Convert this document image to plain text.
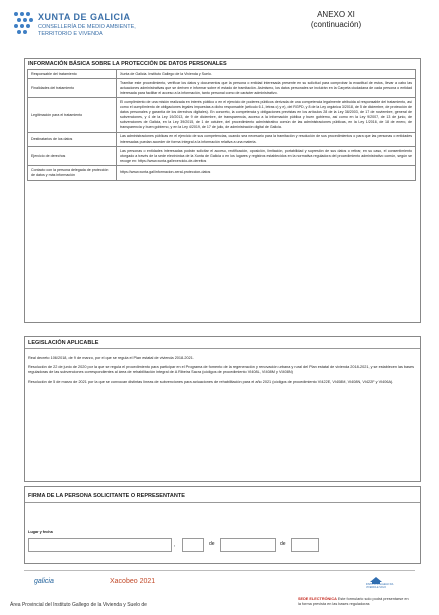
XUNTA DE GALICIA
CONSELLERÍA DE MEDIO AMBIENTE,
TERRITORIO E VIVENDA
ANEXO XI
(continuación)
INFORMACIÓN BÁSICA SOBRE LA PROTECCIÓN DE DATOS PERSONALES
Responsable del tratamiento	Xunta de Galicia. Instituto Gallego de la Vivienda y Suelo.
Finalidades del tratamiento	Tramitar este procedimiento, verificar los datos y documentos que la persona o entidad interesada presente en su solicitud para comprobar la exactitud de estos, llevar a cabo las actuaciones administrativas que se deriven e informar sobre el estado de tramitación. Asimismo, los datos personales se incluirán en la Carpeta ciudadana de cada persona o entidad interesada para facilitar el acceso a la información, tanto personal como de carácter administrativo.
Legitimación para el tratamiento	El cumplimiento de una misión realizada en interés público o en el ejercicio de poderes públicos derivada de una competencia legalmente atribuida al responsable del tratamiento, así como el cumplimiento de obligaciones legales impuestas a dicho responsable (artículo 6.1, letras c) y e), del RGPD, y 8 de la Ley orgánica 3/2018, de 5 de diciembre, de protección de datos personales y garantía de los derechos digitales). En concreto, la competencia y obligaciones previstas en los artículos 28 de la Ley 38/2003, de 17 de noviembre, general de subvenciones, y 4 de la Ley 19/2013, de 9 de diciembre, de transparencia, acceso a la información pública y buen gobierno, así como en la Ley 9/2007, de 13 de junio, de subvenciones de Galicia, en la Ley 39/2015, de 1 de octubre, del procedimiento administrativo común de las administraciones públicas, en la Ley 1/2016, de 18 de enero, de transparencia y buen gobierno, y en la Ley 4/2019, de 17 de julio, de administración digital de Galicia.
Destinatarios de los datos	Las administraciones públicas en el ejercicio de sus competencias, cuando sea necesario para la tramitación y resolución de sus procedimientos o para que las personas o entidades interesadas puedan acceder de forma íntegral a la información relativa a una materia.
Ejercicio de derechos	Las personas o entidades interesadas podrán solicitar el acceso, rectificación, oposición, limitación, portabilidad y supresión de sus datos o retirar, en su caso, el consentimiento otorgado a través de la sede electrónica de la Xunta de Galicia o en los lugares y registros establecidos en la normativa reguladora del procedimiento administrativo común, según se recoge en: https://www.xunta.gal/exercicio-de-dereitos
Contacto con la persona delegada de protección de datos y más información	https://www.xunta.gal/informacion-xeral-proteccion-datos
LEGISLACIÓN APLICABLE

Real decreto 106/2018, de 9 de marzo, por el que se regula el Plan estatal de vivienda 2018-2021.

Resolución de 22 de junio de 2020 por la que se regula el procedimiento para participar en el Programa de fomento de la regeneración y renovación urbana y rural del Plan estatal de vivienda 2018-2021, y se establecen las bases reguladoras de las subvenciones correspondientes al área de rehabilitación integral de A Ribeira Sacra (códigos de procedimiento VI408L, VI408M y VI408N)

Resolución de 5 de marzo de 2021 por la que se convocan distintas líneas de subvenciones para actuaciones de rehabilitación para el año 2021 (códigos de procedimiento VI422E, VI408M, VI408N, VI422F y VI406A).

FIRMA DE LA PERSONA SOLICITANTE O REPRESENTANTE
Lugar y fecha
,	de	de
galicia	Xacobeo 2021	INSTITUTO GALEGO DA VIVENDA E SOLO
Área Provincial del Instituto Gallego de la Vivienda y Suelo de
SEDE ELECTRÓNICA Este formulario solo podrá presentarse en
la forma prevista en las bases reguladoras
